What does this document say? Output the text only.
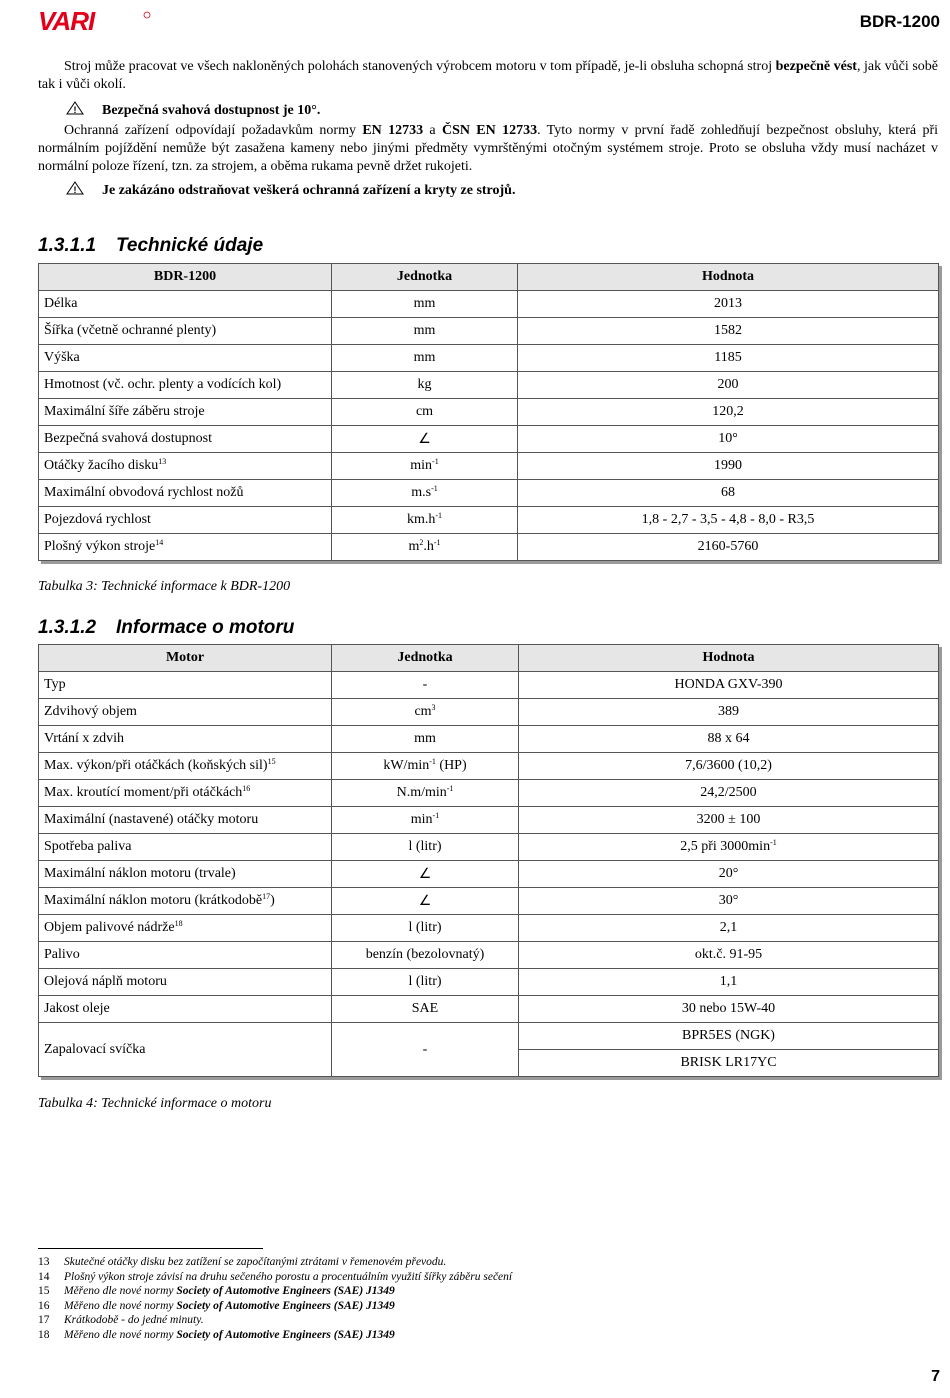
VARI	BDR-1200
Stroj může pracovat ve všech nakloněných polohách stanovených výrobcem motoru v tom případě, je-li obsluha schopná stroj bezpečně vést, jak vůči sobě tak i vůči okolí.
! Bezpečná svahová dostupnost je 10°.
Ochranná zařízení odpovídají požadavkům normy EN 12733 a ČSN EN 12733. Tyto normy v první řadě zohledňují bezpečnost obsluhy, která při normálním pojíždění nemůže být zasažena kameny nebo jinými předměty vymrštěnými otočným systémem stroje. Proto se obsluha vždy musí nacházet v normální poloze řízení, tzn. za strojem, a oběma rukama pevně držet rukojeti.
! Je zakázáno odstraňovat veškerá ochranná zařízení a kryty ze strojů.
1.3.1.1 Technické údaje
BDR-1200	Jednotka	Hodnota
Délka	mm	2013
Šířka (včetně ochranné plenty)	mm	1582
Výška	mm	1185
Hmotnost (vč. ochr. plenty a vodících kol)	kg	200
Maximální šíře záběru stroje	cm	120,2
Bezpečná svahová dostupnost	∠	10°
Otáčky žacího disku$^{13}$	$\min^{-1}$	1990
Maximální obvodová rychlost nožů	$m.s^{-1}$	68
Pojezdová rychlost	$km.h^{-1}$	1,8 - 2,7 - 3,5 - 4,8 - 8,0 - R3,5
Plošný výkon stroje$^{14}$	$m^2.h^{-1}$	2160-5760
Tabulka 3: Technické informace k BDR-1200
1.3.1.2 Informace o motoru
Motor	Jednotka	Hodnota
Typ	-	HONDA GXV-390
Zdvihový objem	$cm^3$	389
Vrtání x zdvih	mm	88 x 64
Max. výkon/při otáčkách (koňských sil)$^{15}$	$kW/\min^{-1}$ (HP)	7,6/3600 (10,2)
Max. kroutící moment/při otáčkách$^{16}$	$N.m/\min^{-1}$	24,2/2500
Maximální (nastavené) otáčky motoru	$\min^{-1}$	3200 ± 100
Spotřeba paliva	l (litr)	2,5 při $3000\min^{-1}$
Maximální náklon motoru (trvale)	∠	20°
Maximální náklon motoru (krátkodobě$^{17}$)	∠	30°
Objem palivové nádrže$^{18}$	l (litr)	2,1
Palivo	benzín (bezolovnatý)	okt.č. 91-95
Olejová náplň motoru	l (litr)	1,1
Jakost oleje	SAE	30 nebo 15W-40
Zapalovací svíčka	-	BPR5ES (NGK)
		BRISK LR17YC
Tabulka 4: Technické informace o motoru
13 Skutečné otáčky disku bez zatížení se započítanými ztrátami v řemenovém převodu.
14 Plošný výkon stroje závisí na druhu sečeného porostu a procentuálním využití šířky záběru sečení
15 Měřeno dle nové normy Society of Automotive Engineers (SAE) J1349
16 Měřeno dle nové normy Society of Automotive Engineers (SAE) J1349
17 Krátkodobě - do jedné minuty.
18 Měřeno dle nové normy Society of Automotive Engineers (SAE) J1349
7
